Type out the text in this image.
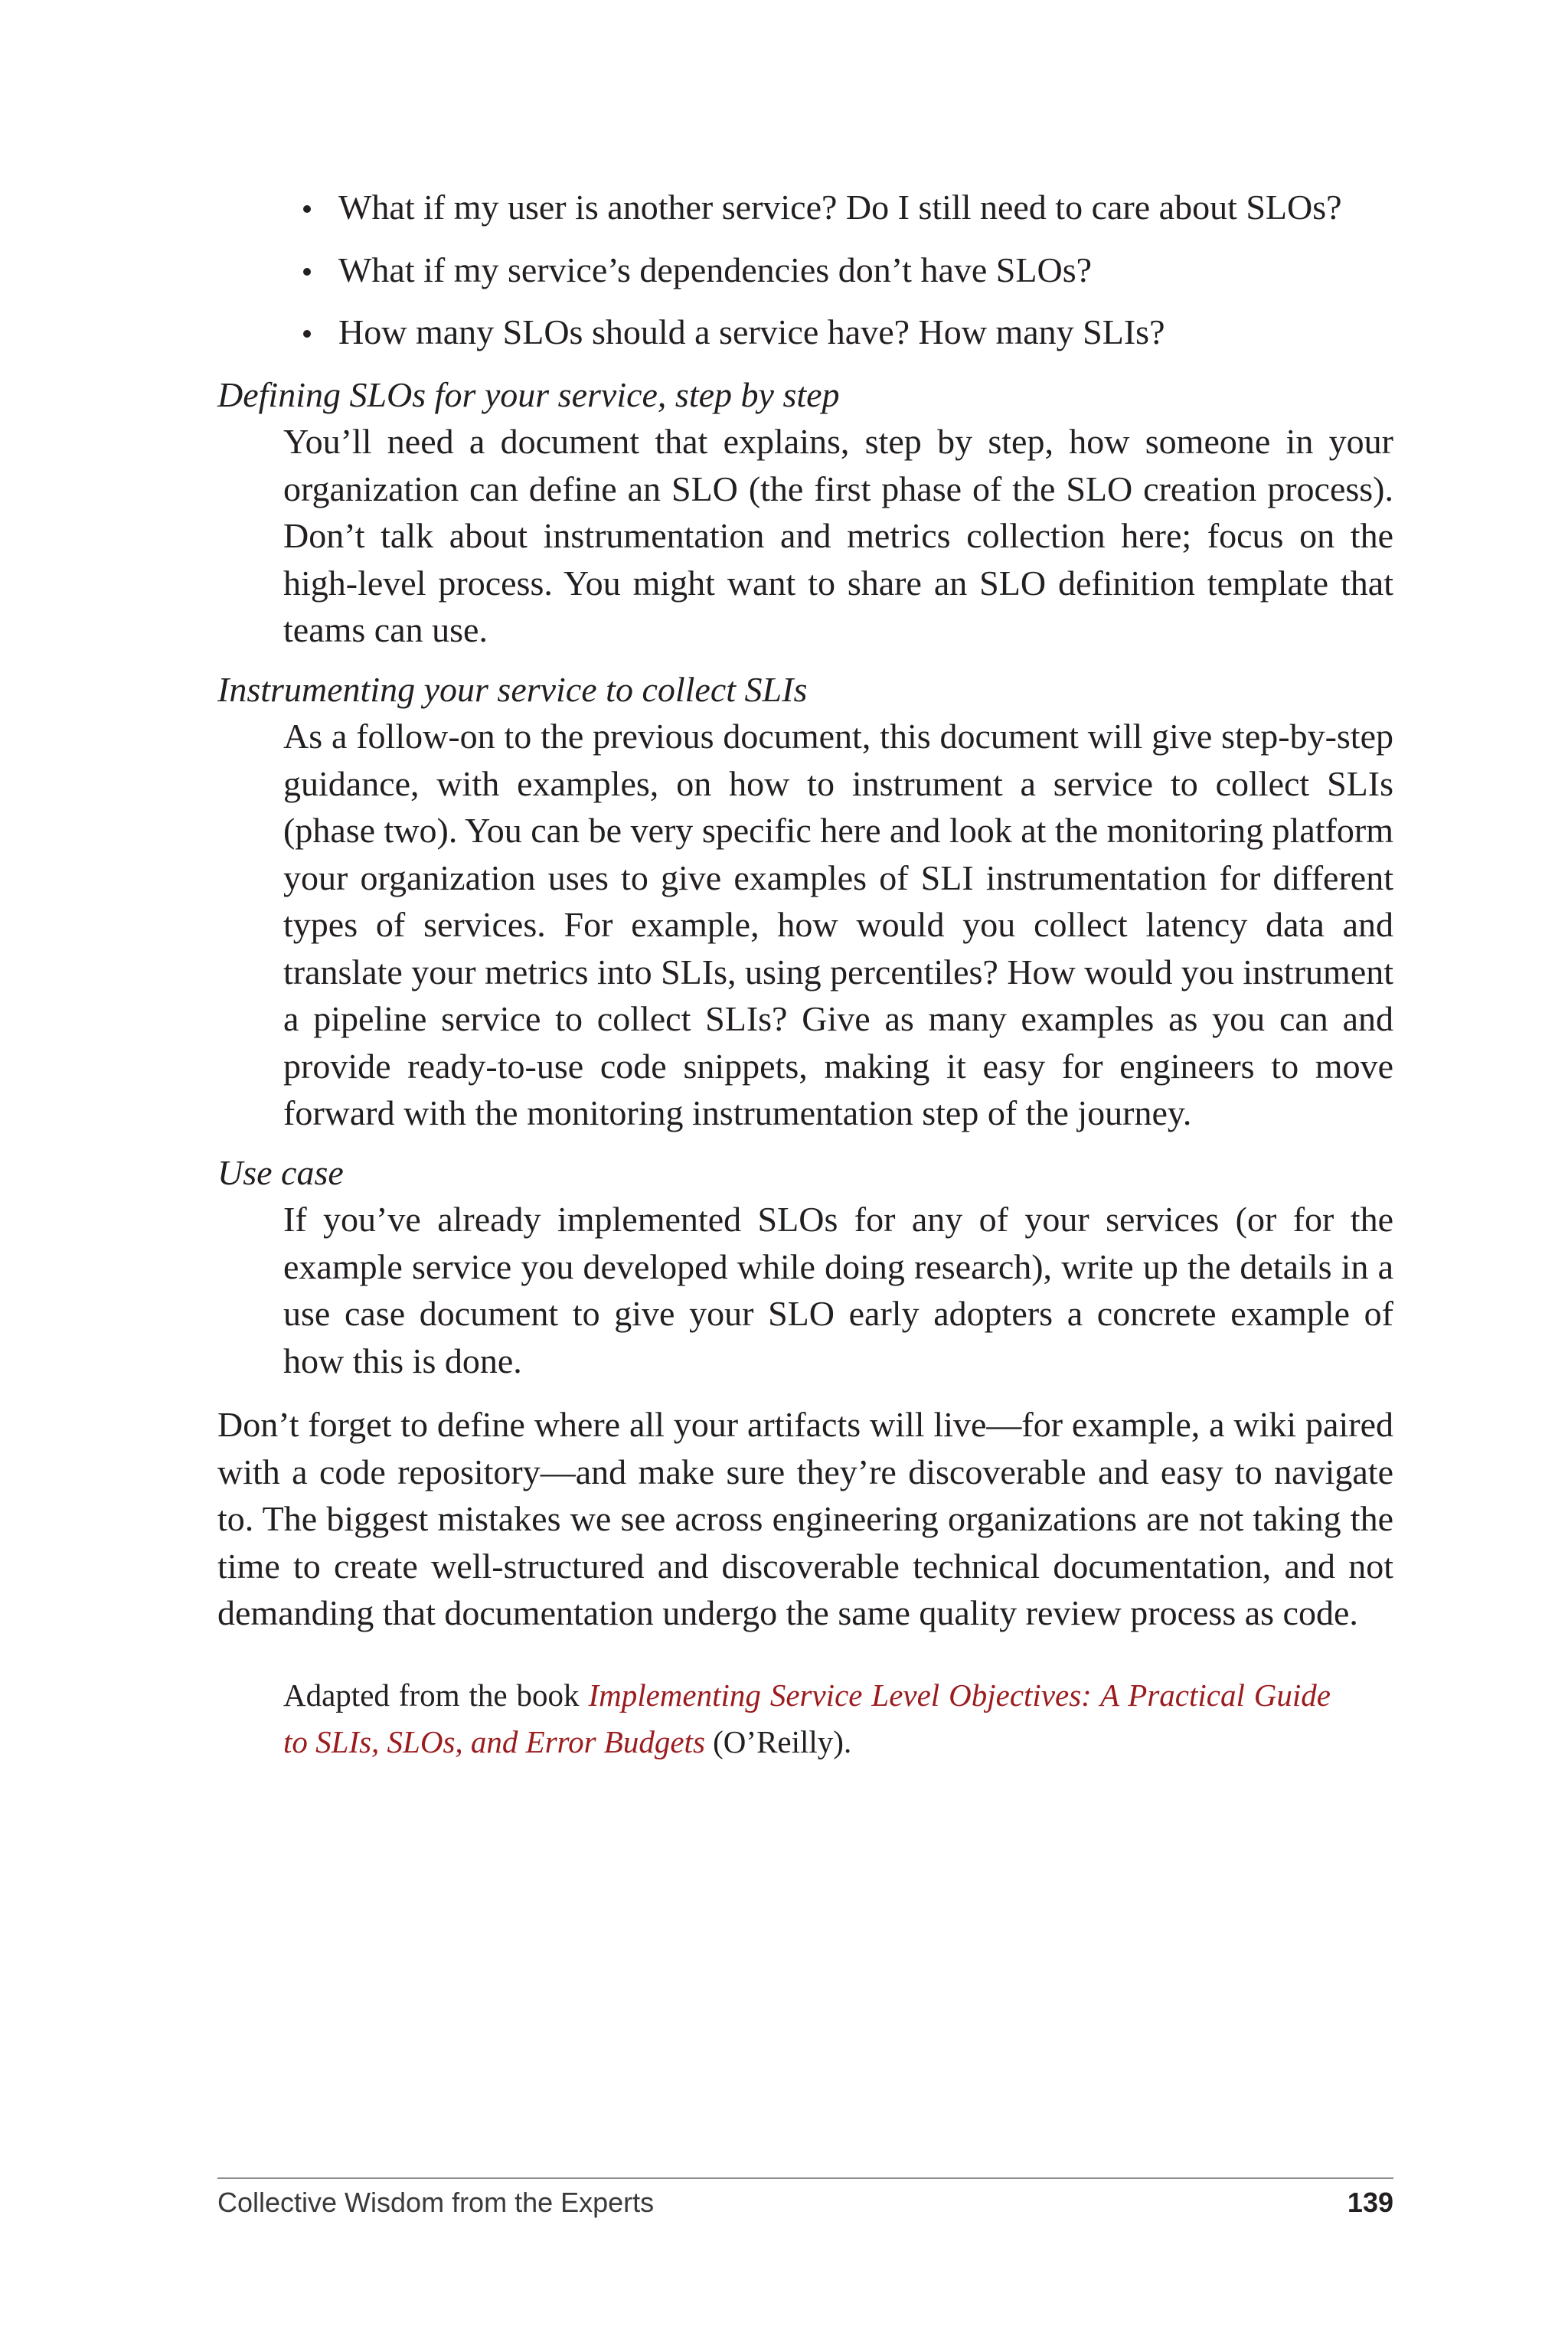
What if my user is another service? Do I still need to care about SLOs?
What if my service’s dependencies don’t have SLOs?
How many SLOs should a service have? How many SLIs?
Defining SLOs for your service, step by step
You’ll need a document that explains, step by step, how someone in your organization can define an SLO (the first phase of the SLO creation process). Don’t talk about instrumentation and metrics collection here; focus on the high-level process. You might want to share an SLO definition template that teams can use.
Instrumenting your service to collect SLIs
As a follow-on to the previous document, this document will give step-by-step guidance, with examples, on how to instrument a service to collect SLIs (phase two). You can be very specific here and look at the monitoring platform your organization uses to give examples of SLI instrumentation for different types of services. For example, how would you collect latency data and translate your metrics into SLIs, using percentiles? How would you instrument a pipeline service to collect SLIs? Give as many examples as you can and provide ready-to-use code snippets, making it easy for engineers to move forward with the monitoring instrumentation step of the journey.
Use case
If you’ve already implemented SLOs for any of your services (or for the example service you developed while doing research), write up the details in a use case document to give your SLO early adopters a concrete example of how this is done.

Don’t forget to define where all your artifacts will live—for example, a wiki paired with a code repository—and make sure they’re discoverable and easy to navigate to. The biggest mistakes we see across engineering organizations are not taking the time to create well-structured and discoverable technical documentation, and not demanding that documentation undergo the same quality review process as code.

Adapted from the book Implementing Service Level Objectives: A Practical Guide to SLIs, SLOs, and Error Budgets (O’Reilly).

Collective Wisdom from the Experts	139
